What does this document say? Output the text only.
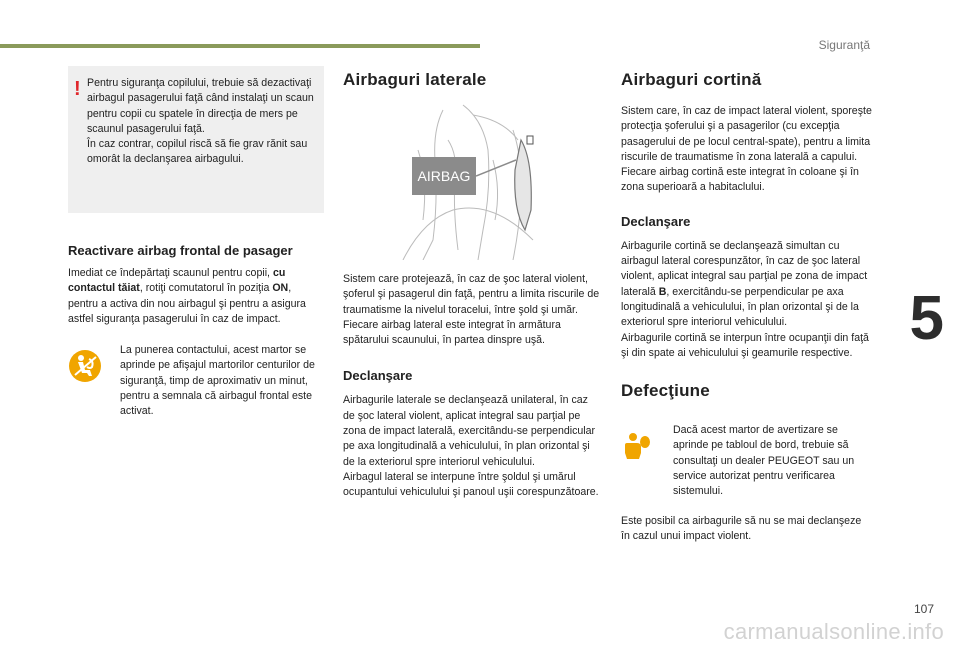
Siguranţă
5
107
carmanualsonline.info
! Pentru siguranţa copilului, trebuie să dezactivaţi airbagul pasagerului faţă când instalaţi un scaun pentru copii cu spatele în direcţia de mers pe scaunul pasagerului faţă.
În caz contrar, copilul riscă să fie grav rănit sau omorât la declanşarea airbagului.

Reactivare airbag frontal de pasager

Imediat ce îndepărtaţi scaunul pentru copii, cu contactul tăiat, rotiţi comutatorul în poziţia ON, pentru a activa din nou airbagul şi pentru a asigura astfel siguranţa pasagerului în caz de impact.

La punerea contactului, acest martor se aprinde pe afişajul martorilor centurilor de siguranţă, timp de aproximativ un minut, pentru a semnala că airbagul frontal este activat.

Airbaguri laterale
AIRBAG

Sistem care protejează, în caz de şoc lateral violent, şoferul şi pasagerul din faţă, pentru a limita riscurile de traumatisme la nivelul toracelui, între şold şi umăr.
Fiecare airbag lateral este integrat în armătura spătarului scaunului, în partea dinspre uşă.

Declanşare

Airbagurile laterale se declanşează unilateral, în caz de şoc lateral violent, aplicat integral sau parţial pe zona de impact laterală, exercitându-se perpendicular pe axa longitudinală a vehiculului, în plan orizontal şi de la exteriorul spre interiorul vehiculului.
Airbagul lateral se interpune între şoldul şi umărul ocupantului vehiculului şi panoul uşii corespunzătoare.

Airbaguri cortină

Sistem care, în caz de impact lateral violent, sporeşte protecţia şoferului şi a pasagerilor (cu excepţia pasagerului de pe locul central-spate), pentru a limita riscurile de traumatisme în zona laterală a capului.
Fiecare airbag cortină este integrat în coloane şi în zona superioară a habitaclului.

Declanşare

Airbagurile cortină se declanşează simultan cu airbagul lateral corespunzător, în caz de şoc lateral violent, aplicat integral sau parţial pe zona de impact laterală B, exercitându-se perpendicular pe axa longitudinală a vehiculului, în plan orizontal şi de la exteriorul spre interiorul vehiculului.
Airbagurile cortină se interpun între ocupanţii din faţă şi din spate ai vehiculului şi geamurile respective.

Defecţiune

Dacă acest martor de avertizare se aprinde pe tabloul de bord, trebuie să consultaţi un dealer PEUGEOT sau un service autorizat pentru verificarea sistemului.

Este posibil ca airbagurile să nu se mai declanşeze în cazul unui impact violent.
